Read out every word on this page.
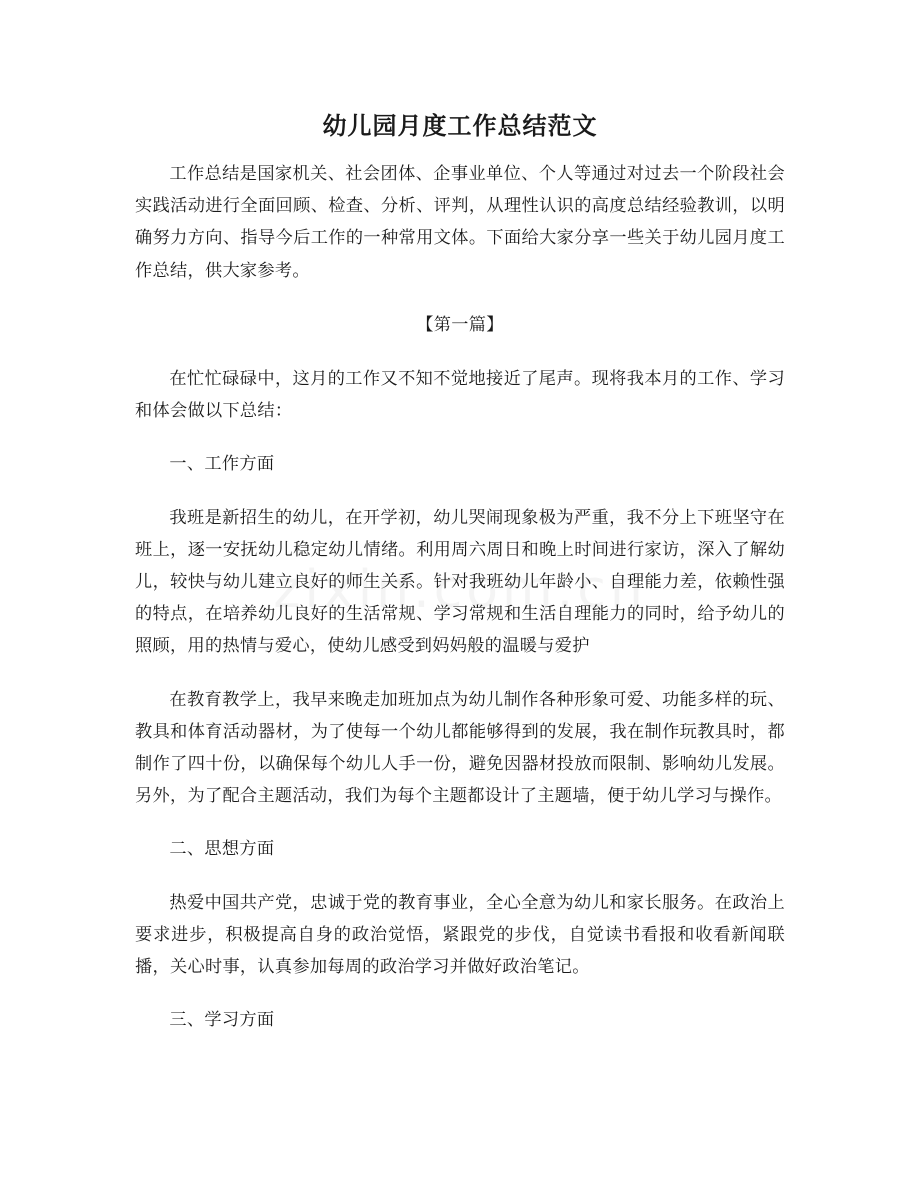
幼儿园月度工作总结范文

工作总结是国家机关、社会团体、企事业单位、个人等通过对过去一个阶段社会实践活动进行全面回顾、检查、分析、评判，从理性认识的高度总结经验教训，以明确努力方向、指导今后工作的一种常用文体。下面给大家分享一些关于幼儿园月度工作总结，供大家参考。

【第一篇】

在忙忙碌碌中，这月的工作又不知不觉地接近了尾声。现将我本月的工作、学习和体会做以下总结：

一、工作方面

我班是新招生的幼儿，在开学初，幼儿哭闹现象极为严重，我不分上下班坚守在班上，逐一安抚幼儿稳定幼儿情绪。利用周六周日和晚上时间进行家访，深入了解幼儿，较快与幼儿建立良好的师生关系。针对我班幼儿年龄小、自理能力差，依赖性强的特点，在培养幼儿良好的生活常规、学习常规和生活自理能力的同时，给予幼儿的照顾，用的热情与爱心，使幼儿感受到妈妈般的温暖与爱护

在教育教学上，我早来晚走加班加点为幼儿制作各种形象可爱、功能多样的玩、教具和体育活动器材，为了使每一个幼儿都能够得到的发展，我在制作玩教具时，都制作了四十份，以确保每个幼儿人手一份，避免因器材投放而限制、影响幼儿发展。另外，为了配合主题活动，我们为每个主题都设计了主题墙，便于幼儿学习与操作。

二、思想方面

热爱中国共产党，忠诚于党的教育事业，全心全意为幼儿和家长服务。在政治上要求进步，积极提高自身的政治觉悟，紧跟党的步伐，自觉读书看报和收看新闻联播，关心时事，认真参加每周的政治学习并做好政治笔记。

三、学习方面
